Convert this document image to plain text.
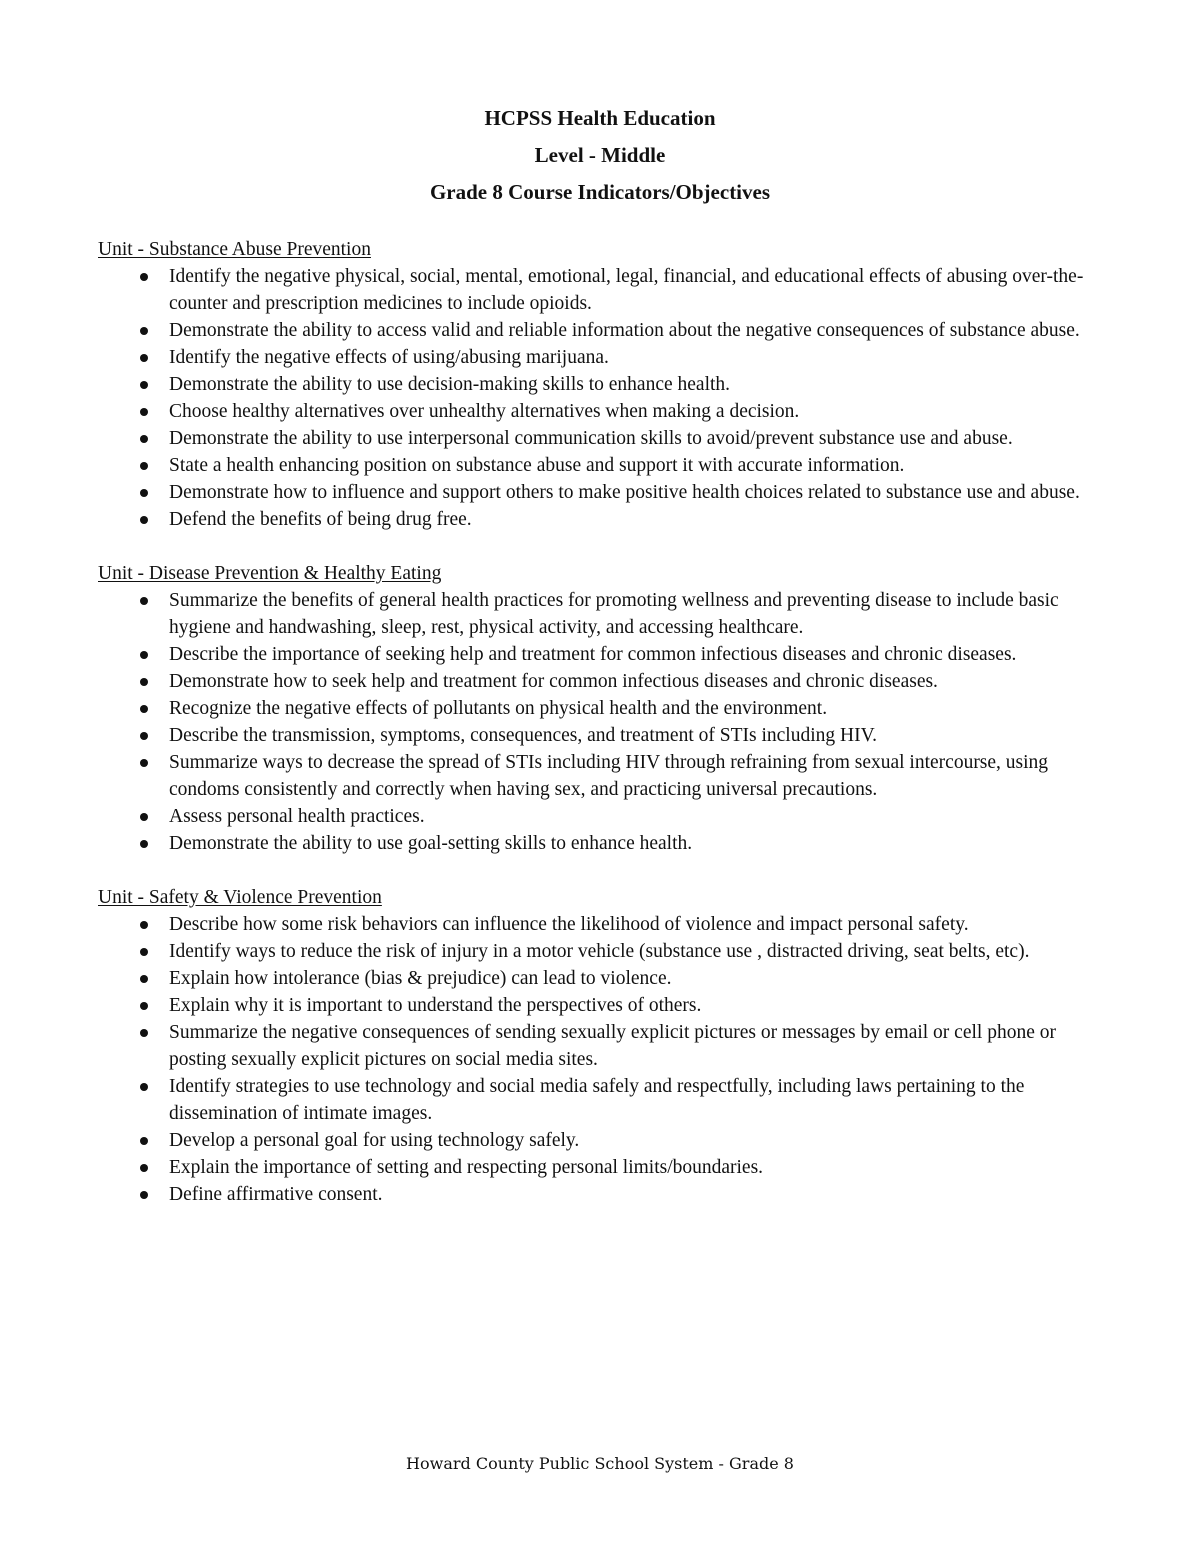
HCPSS Health Education

Level - Middle

Grade 8 Course Indicators/Objectives

Unit - Substance Abuse Prevention

Identify the negative physical, social, mental, emotional, legal, financial, and educational effects of abusing over-the-counter and prescription medicines to include opioids.
Demonstrate the ability to access valid and reliable information about the negative consequences of substance abuse.
Identify the negative effects of using/abusing marijuana.
Demonstrate the ability to use decision-making skills to enhance health.
Choose healthy alternatives over unhealthy alternatives when making a decision.
Demonstrate the ability to use interpersonal communication skills to avoid/prevent substance use and abuse.
State a health enhancing position on substance abuse and support it with accurate information.
Demonstrate how to influence and support others to make positive health choices related to substance use and abuse.
Defend the benefits of being drug free.

Unit - Disease Prevention & Healthy Eating

Summarize the benefits of general health practices for promoting wellness and preventing disease to include basic hygiene and handwashing, sleep, rest, physical activity, and accessing healthcare.
Describe the importance of seeking help and treatment for common infectious diseases and chronic diseases.
Demonstrate how to seek help and treatment for common infectious diseases and chronic diseases.
Recognize the negative effects of pollutants on physical health and the environment.
Describe the transmission, symptoms, consequences, and treatment of STIs including HIV.
Summarize ways to decrease the spread of STIs including HIV through refraining from sexual intercourse, using condoms consistently and correctly when having sex, and practicing universal precautions.
Assess personal health practices.
Demonstrate the ability to use goal-setting skills to enhance health.

Unit - Safety & Violence Prevention

Describe how some risk behaviors can influence the likelihood of violence and impact personal safety.
Identify ways to reduce the risk of injury in a motor vehicle (substance use , distracted driving, seat belts, etc).
Explain how intolerance (bias & prejudice) can lead to violence.
Explain why it is important to understand the perspectives of others.
Summarize the negative consequences of sending sexually explicit pictures or messages by email or cell phone or posting sexually explicit pictures on social media sites.
Identify strategies to use technology and social media safely and respectfully, including laws pertaining to the dissemination of intimate images.
Develop a personal goal for using technology safely.
Explain the importance of setting and respecting personal limits/boundaries.
Define affirmative consent.
Howard County Public School System - Grade 8
